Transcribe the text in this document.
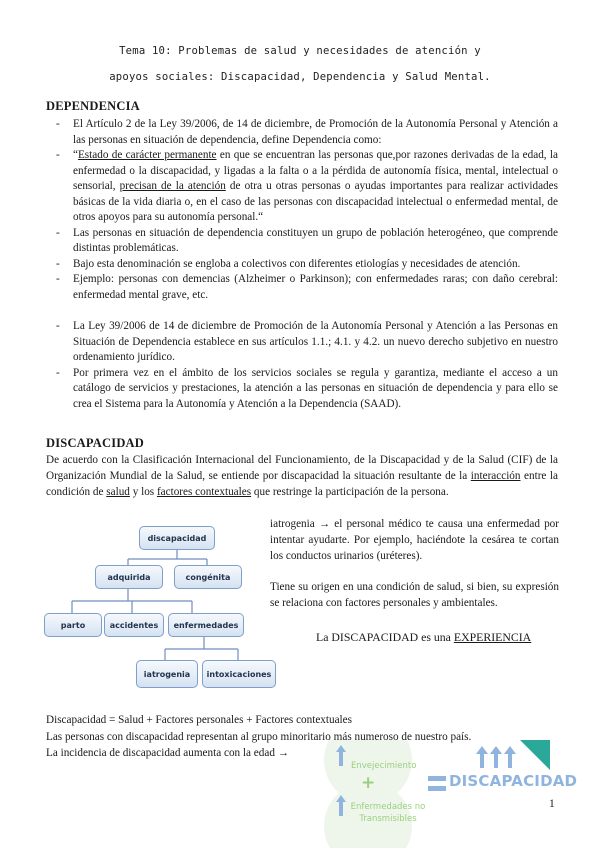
Tema 10: Problemas de salud y necesidades de atención y
apoyos sociales: Discapacidad, Dependencia y Salud Mental.
DEPENDENCIA
- El Artículo 2 de la Ley 39/2006, de 14 de diciembre, de Promoción de la Autonomía Personal y Atención a las personas en situación de dependencia, define Dependencia como:
- “Estado de carácter permanente en que se encuentran las personas que,por razones derivadas de la edad, la enfermedad o la discapacidad, y ligadas a la falta o a la pérdida de autonomía física, mental, intelectual o sensorial, precisan de la atención de otra u otras personas o ayudas importantes para realizar actividades básicas de la vida diaria o, en el caso de las personas con discapacidad intelectual o enfermedad mental, de otros apoyos para su autonomía personal.“
- Las personas en situación de dependencia constituyen un grupo de población heterogéneo, que comprende distintas problemáticas.
- Bajo esta denominación se engloba a colectivos con diferentes etiologías y necesidades de atención.
- Ejemplo: personas con demencias (Alzheimer o Parkinson); con enfermedades raras; con daño cerebral: enfermedad mental grave, etc.
- La Ley 39/2006 de 14 de diciembre de Promoción de la Autonomía Personal y Atención a las Personas en Situación de Dependencia establece en sus artículos 1.1.; 4.1. y 4.2. un nuevo derecho subjetivo en nuestro ordenamiento jurídico.
- Por primera vez en el ámbito de los servicios sociales se regula y garantiza, mediante el acceso a un catálogo de servicios y prestaciones, la atención a las personas en situación de dependencia y para ello se crea el Sistema para la Autonomía y Atención a la Dependencia (SAAD).
DISCAPACIDAD

De acuerdo con la Clasificación Internacional del Funcionamiento, de la Discapacidad y de la Salud (CIF) de la Organización Mundial de la Salud, se entiende por discapacidad la situación resultante de la interacción entre la condición de salud y los factores contextuales que restringe la participación de la persona.

discapacidad
adquirida	congénita
parto	accidentes	enfermedades
iatrogenia	intoxicaciones

iatrogenia → el personal médico te causa una enfermedad por intentar ayudarte. Por ejemplo, haciéndote la cesárea te cortan los conductos urinarios (uréteres).

Tiene su origen en una condición de salud, si bien, su expresión se relaciona con factores personales y ambientales.

La DISCAPACIDAD es una EXPERIENCIA
Discapacidad = Salud + Factores personales + Factores contextuales
Las personas con discapacidad representan al grupo minoritario más numeroso de nuestro país.
La incidencia de discapacidad aumenta con la edad →
Envejecimiento
+
Enfermedades no
Transmisibles
DISCAPACIDAD
1
